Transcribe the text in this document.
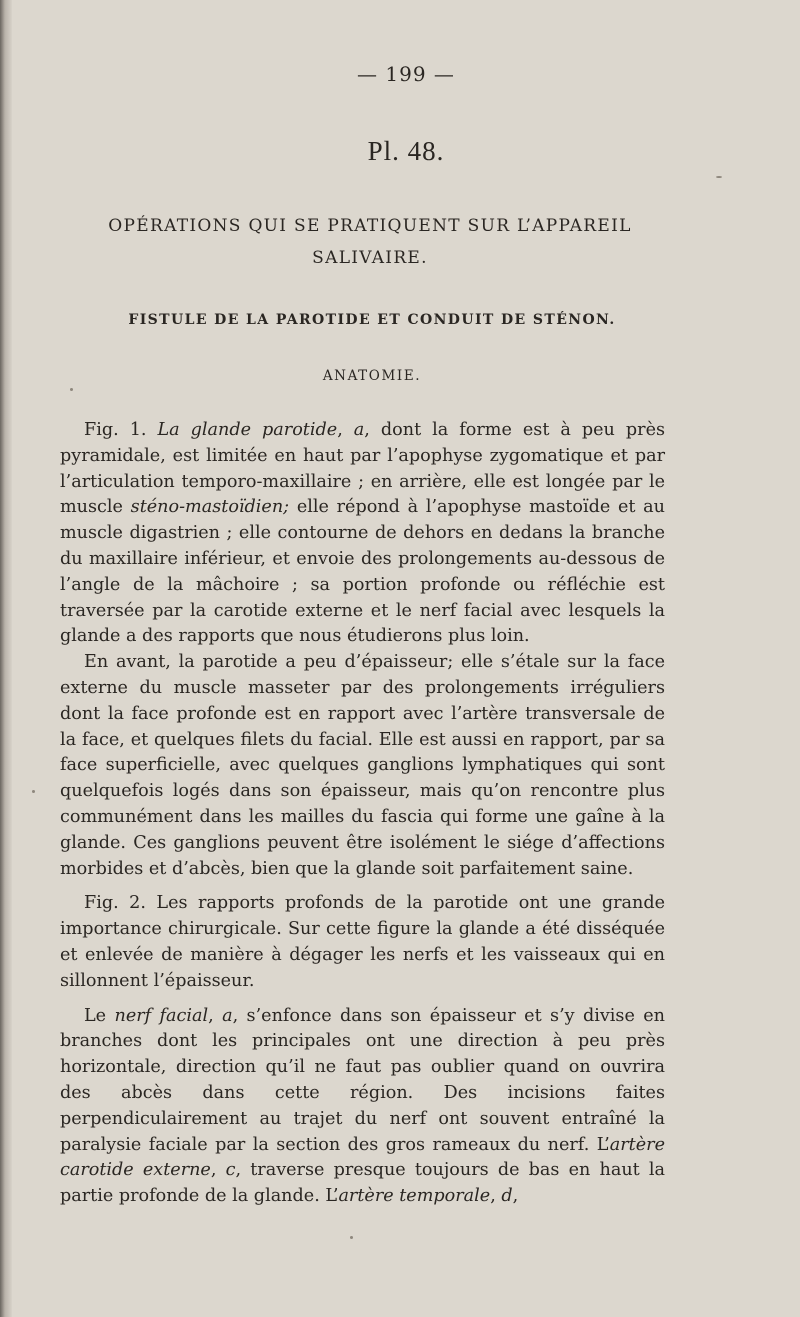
— 199 —
Pl. 48.
OPÉRATIONS QUI SE PRATIQUENT SUR L’APPAREIL
SALIVAIRE.
FISTULE DE LA PAROTIDE ET CONDUIT DE STÉNON.
ANATOMIE.

Fig. 1. La glande parotide, a, dont la forme est à peu près pyramidale, est limitée en haut par l’apophyse zygomatique et par l’articulation temporo-maxillaire ; en arrière, elle est longée par le muscle sténo-mastoïdien; elle répond à l’apophyse mastoïde et au muscle digastrien ; elle contourne de dehors en dedans la branche du maxillaire inférieur, et envoie des prolongements au-dessous de l’angle de la mâchoire ; sa portion profonde ou réfléchie est traversée par la carotide externe et le nerf facial avec lesquels la glande a des rapports que nous étudierons plus loin.

En avant, la parotide a peu d’épaisseur; elle s’étale sur la face externe du muscle masseter par des prolongements irréguliers dont la face profonde est en rapport avec l’artère transversale de la face, et quelques filets du facial. Elle est aussi en rapport, par sa face superficielle, avec quelques ganglions lymphatiques qui sont quelquefois logés dans son épaisseur, mais qu’on rencontre plus communément dans les mailles du fascia qui forme une gaîne à la glande. Ces ganglions peuvent être isolément le siége d’affections morbides et d’abcès, bien que la glande soit parfaitement saine.

Fig. 2. Les rapports profonds de la parotide ont une grande importance chirurgicale. Sur cette figure la glande a été disséquée et enlevée de manière à dégager les nerfs et les vaisseaux qui en sillonnent l’épaisseur.

Le nerf facial, a, s’enfonce dans son épaisseur et s’y divise en branches dont les principales ont une direction à peu près horizontale, direction qu’il ne faut pas oublier quand on ouvrira des abcès dans cette région. Des incisions faites perpendiculairement au trajet du nerf ont souvent entraîné la paralysie faciale par la section des gros rameaux du nerf. L’artère carotide externe, c, traverse presque toujours de bas en haut la partie profonde de la glande. L’artère temporale, d,
